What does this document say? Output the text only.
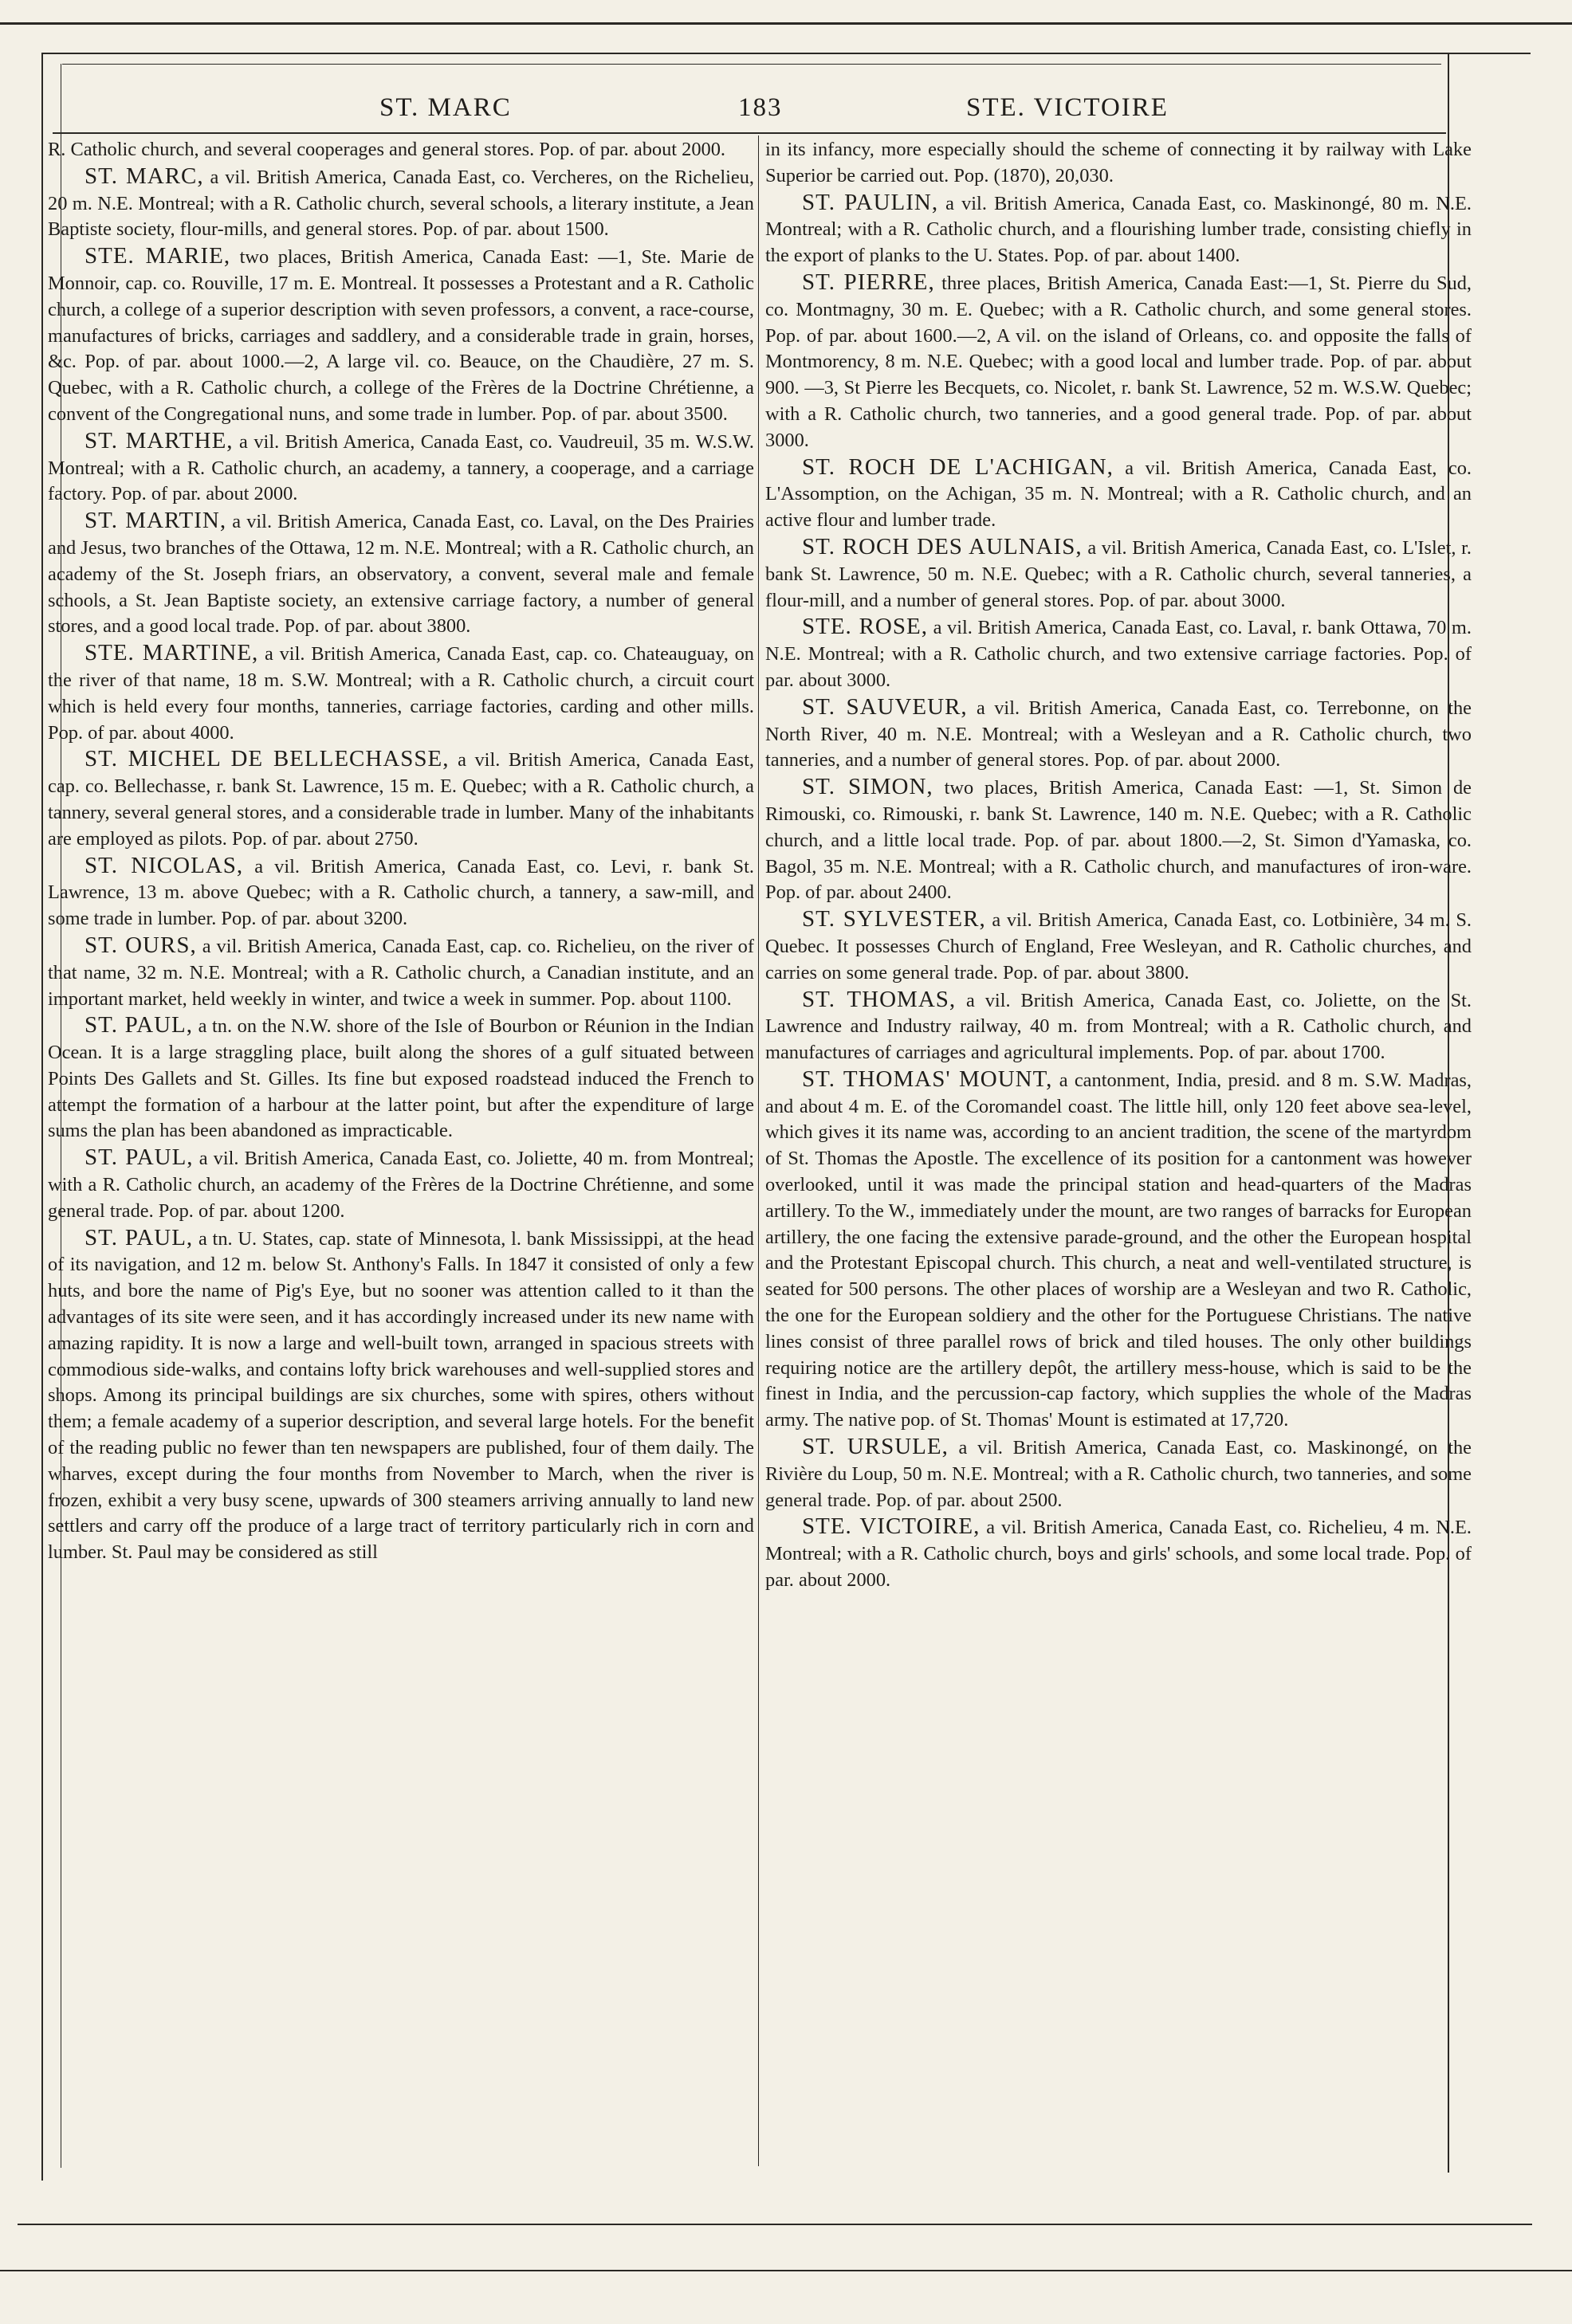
ST. MARC	183	STE. VICTOIRE

R. Catholic church, and several cooperages and general stores. Pop. of par. about 2000.

ST. MARC, a vil. British America, Canada East, co. Vercheres, on the Richelieu, 20 m. N.E. Montreal; with a R. Catholic church, several schools, a literary institute, a Jean Baptiste society, flour-mills, and general stores. Pop. of par. about 1500.

STE. MARIE, two places, British America, Canada East: —1, Ste. Marie de Monnoir, cap. co. Rouville, 17 m. E. Montreal. It possesses a Protestant and a R. Catholic church, a college of a superior description with seven professors, a convent, a race-course, manufactures of bricks, carriages and saddlery, and a considerable trade in grain, horses, &c. Pop. of par. about 1000.—2, A large vil. co. Beauce, on the Chaudière, 27 m. S. Quebec, with a R. Catholic church, a college of the Frères de la Doctrine Chrétienne, a convent of the Congregational nuns, and some trade in lumber. Pop. of par. about 3500.

ST. MARTHE, a vil. British America, Canada East, co. Vaudreuil, 35 m. W.S.W. Montreal; with a R. Catholic church, an academy, a tannery, a cooperage, and a carriage factory. Pop. of par. about 2000.

ST. MARTIN, a vil. British America, Canada East, co. Laval, on the Des Prairies and Jesus, two branches of the Ottawa, 12 m. N.E. Montreal; with a R. Catholic church, an academy of the St. Joseph friars, an observatory, a convent, several male and female schools, a St. Jean Baptiste society, an extensive carriage factory, a number of general stores, and a good local trade. Pop. of par. about 3800.

STE. MARTINE, a vil. British America, Canada East, cap. co. Chateauguay, on the river of that name, 18 m. S.W. Montreal; with a R. Catholic church, a circuit court which is held every four months, tanneries, carriage factories, carding and other mills. Pop. of par. about 4000.

ST. MICHEL DE BELLECHASSE, a vil. British America, Canada East, cap. co. Bellechasse, r. bank St. Lawrence, 15 m. E. Quebec; with a R. Catholic church, a tannery, several general stores, and a considerable trade in lumber. Many of the inhabitants are employed as pilots. Pop. of par. about 2750.

ST. NICOLAS, a vil. British America, Canada East, co. Levi, r. bank St. Lawrence, 13 m. above Quebec; with a R. Catholic church, a tannery, a saw-mill, and some trade in lumber. Pop. of par. about 3200.

ST. OURS, a vil. British America, Canada East, cap. co. Richelieu, on the river of that name, 32 m. N.E. Montreal; with a R. Catholic church, a Canadian institute, and an important market, held weekly in winter, and twice a week in summer. Pop. about 1100.

ST. PAUL, a tn. on the N.W. shore of the Isle of Bourbon or Réunion in the Indian Ocean. It is a large straggling place, built along the shores of a gulf situated between Points Des Gallets and St. Gilles. Its fine but exposed roadstead induced the French to attempt the formation of a harbour at the latter point, but after the expenditure of large sums the plan has been abandoned as impracticable.

ST. PAUL, a vil. British America, Canada East, co. Joliette, 40 m. from Montreal; with a R. Catholic church, an academy of the Frères de la Doctrine Chrétienne, and some general trade. Pop. of par. about 1200.

ST. PAUL, a tn. U. States, cap. state of Minnesota, l. bank Mississippi, at the head of its navigation, and 12 m. below St. Anthony's Falls. In 1847 it consisted of only a few huts, and bore the name of Pig's Eye, but no sooner was attention called to it than the advantages of its site were seen, and it has accordingly increased under its new name with amazing rapidity. It is now a large and well-built town, arranged in spacious streets with commodious side-walks, and contains lofty brick warehouses and well-supplied stores and shops. Among its principal buildings are six churches, some with spires, others without them; a female academy of a superior description, and several large hotels. For the benefit of the reading public no fewer than ten newspapers are published, four of them daily. The wharves, except during the four months from November to March, when the river is frozen, exhibit a very busy scene, upwards of 300 steamers arriving annually to land new settlers and carry off the produce of a large tract of territory particularly rich in corn and lumber. St. Paul may be considered as still

in its infancy, more especially should the scheme of connecting it by railway with Lake Superior be carried out. Pop. (1870), 20,030.

ST. PAULIN, a vil. British America, Canada East, co. Maskinongé, 80 m. N.E. Montreal; with a R. Catholic church, and a flourishing lumber trade, consisting chiefly in the export of planks to the U. States. Pop. of par. about 1400.

ST. PIERRE, three places, British America, Canada East:—1, St. Pierre du Sud, co. Montmagny, 30 m. E. Quebec; with a R. Catholic church, and some general stores. Pop. of par. about 1600.—2, A vil. on the island of Orleans, co. and opposite the falls of Montmorency, 8 m. N.E. Quebec; with a good local and lumber trade. Pop. of par. about 900. —3, St Pierre les Becquets, co. Nicolet, r. bank St. Lawrence, 52 m. W.S.W. Quebec; with a R. Catholic church, two tanneries, and a good general trade. Pop. of par. about 3000.

ST. ROCH DE L'ACHIGAN, a vil. British America, Canada East, co. L'Assomption, on the Achigan, 35 m. N. Montreal; with a R. Catholic church, and an active flour and lumber trade.

ST. ROCH DES AULNAIS, a vil. British America, Canada East, co. L'Islet, r. bank St. Lawrence, 50 m. N.E. Quebec; with a R. Catholic church, several tanneries, a flour-mill, and a number of general stores. Pop. of par. about 3000.

STE. ROSE, a vil. British America, Canada East, co. Laval, r. bank Ottawa, 70 m. N.E. Montreal; with a R. Catholic church, and two extensive carriage factories. Pop. of par. about 3000.

ST. SAUVEUR, a vil. British America, Canada East, co. Terrebonne, on the North River, 40 m. N.E. Montreal; with a Wesleyan and a R. Catholic church, two tanneries, and a number of general stores. Pop. of par. about 2000.

ST. SIMON, two places, British America, Canada East: —1, St. Simon de Rimouski, co. Rimouski, r. bank St. Lawrence, 140 m. N.E. Quebec; with a R. Catholic church, and a little local trade. Pop. of par. about 1800.—2, St. Simon d'Yamaska, co. Bagol, 35 m. N.E. Montreal; with a R. Catholic church, and manufactures of iron-ware. Pop. of par. about 2400.

ST. SYLVESTER, a vil. British America, Canada East, co. Lotbinière, 34 m. S. Quebec. It possesses Church of England, Free Wesleyan, and R. Catholic churches, and carries on some general trade. Pop. of par. about 3800.

ST. THOMAS, a vil. British America, Canada East, co. Joliette, on the St. Lawrence and Industry railway, 40 m. from Montreal; with a R. Catholic church, and manufactures of carriages and agricultural implements. Pop. of par. about 1700.

ST. THOMAS' MOUNT, a cantonment, India, presid. and 8 m. S.W. Madras, and about 4 m. E. of the Coromandel coast. The little hill, only 120 feet above sea-level, which gives it its name was, according to an ancient tradition, the scene of the martyrdom of St. Thomas the Apostle. The excellence of its position for a cantonment was however overlooked, until it was made the principal station and head-quarters of the Madras artillery. To the W., immediately under the mount, are two ranges of barracks for European artillery, the one facing the extensive parade-ground, and the other the European hospital and the Protestant Episcopal church. This church, a neat and well-ventilated structure, is seated for 500 persons. The other places of worship are a Wesleyan and two R. Catholic, the one for the European soldiery and the other for the Portuguese Christians. The native lines consist of three parallel rows of brick and tiled houses. The only other buildings requiring notice are the artillery depôt, the artillery mess-house, which is said to be the finest in India, and the percussion-cap factory, which supplies the whole of the Madras army. The native pop. of St. Thomas' Mount is estimated at 17,720.

ST. URSULE, a vil. British America, Canada East, co. Maskinongé, on the Rivière du Loup, 50 m. N.E. Montreal; with a R. Catholic church, two tanneries, and some general trade. Pop. of par. about 2500.

STE. VICTOIRE, a vil. British America, Canada East, co. Richelieu, 4 m. N.E. Montreal; with a R. Catholic church, boys and girls' schools, and some local trade. Pop. of par. about 2000.
